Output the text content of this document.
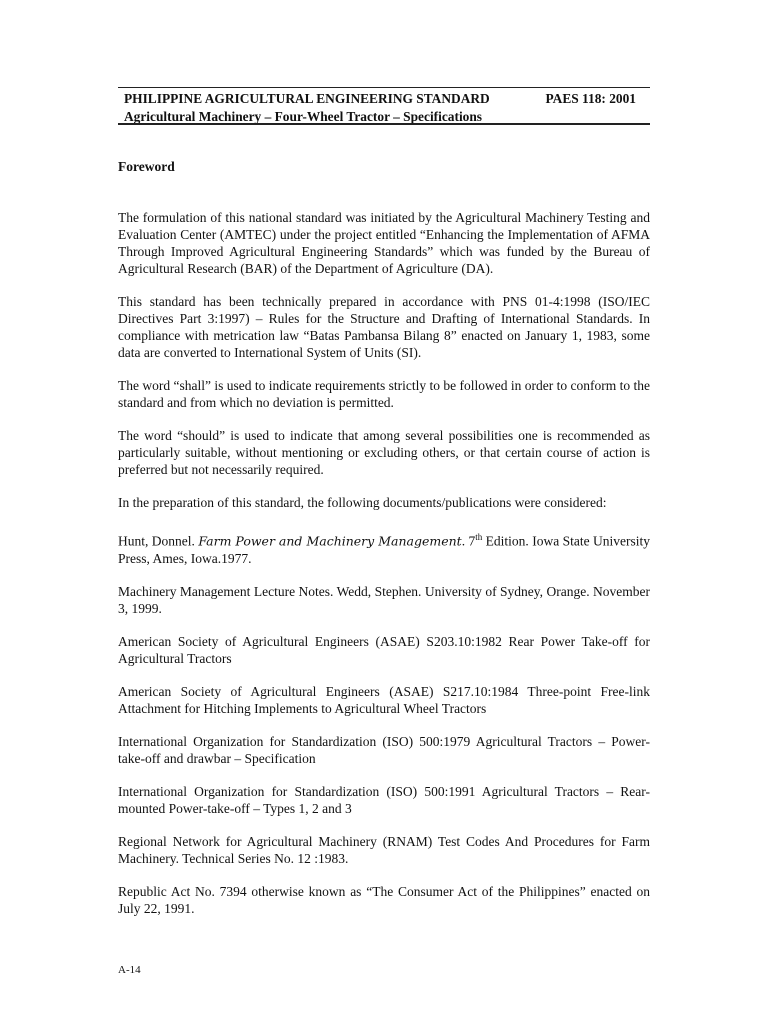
PHILIPPINE AGRICULTURAL ENGINEERING STANDARD	PAES 118: 2001
Agricultural Machinery – Four-Wheel Tractor – Specifications
Foreword

The formulation of this national standard was initiated by the Agricultural Machinery Testing and Evaluation Center (AMTEC) under the project entitled “Enhancing the Implementation of AFMA Through Improved Agricultural Engineering Standards” which was funded by the Bureau of Agricultural Research (BAR) of the Department of Agriculture (DA).

This standard has been technically prepared in accordance with PNS 01-4:1998 (ISO/IEC Directives Part 3:1997) – Rules for the Structure and Drafting of International Standards. In compliance with metrication law “Batas Pambansa Bilang 8” enacted on January 1, 1983, some data are converted to International System of Units (SI).

The word “shall” is used to indicate requirements strictly to be followed in order to conform to the standard and from which no deviation is permitted.

The word “should” is used to indicate that among several possibilities one is recommended as particularly suitable, without mentioning or excluding others, or that certain course of action is preferred but not necessarily required.

In the preparation of this standard, the following documents/publications were considered:

Hunt, Donnel. Farm Power and Machinery Management. 7th Edition. Iowa State University Press, Ames, Iowa.1977.
Machinery Management Lecture Notes. Wedd, Stephen. University of Sydney, Orange. November 3, 1999.
American Society of Agricultural Engineers (ASAE) S203.10:1982 Rear Power Take-off for Agricultural Tractors
American Society of Agricultural Engineers (ASAE) S217.10:1984 Three-point Free-link Attachment for Hitching Implements to Agricultural Wheel Tractors
International Organization for Standardization (ISO) 500:1979 Agricultural Tractors – Power-take-off and drawbar – Specification
International Organization for Standardization (ISO) 500:1991 Agricultural Tractors – Rear-mounted Power-take-off – Types 1, 2 and 3
Regional Network for Agricultural Machinery (RNAM) Test Codes And Procedures for Farm Machinery. Technical Series No. 12 :1983.
Republic Act No. 7394 otherwise known as “The Consumer Act of the Philippines” enacted on July 22, 1991.
A-14
